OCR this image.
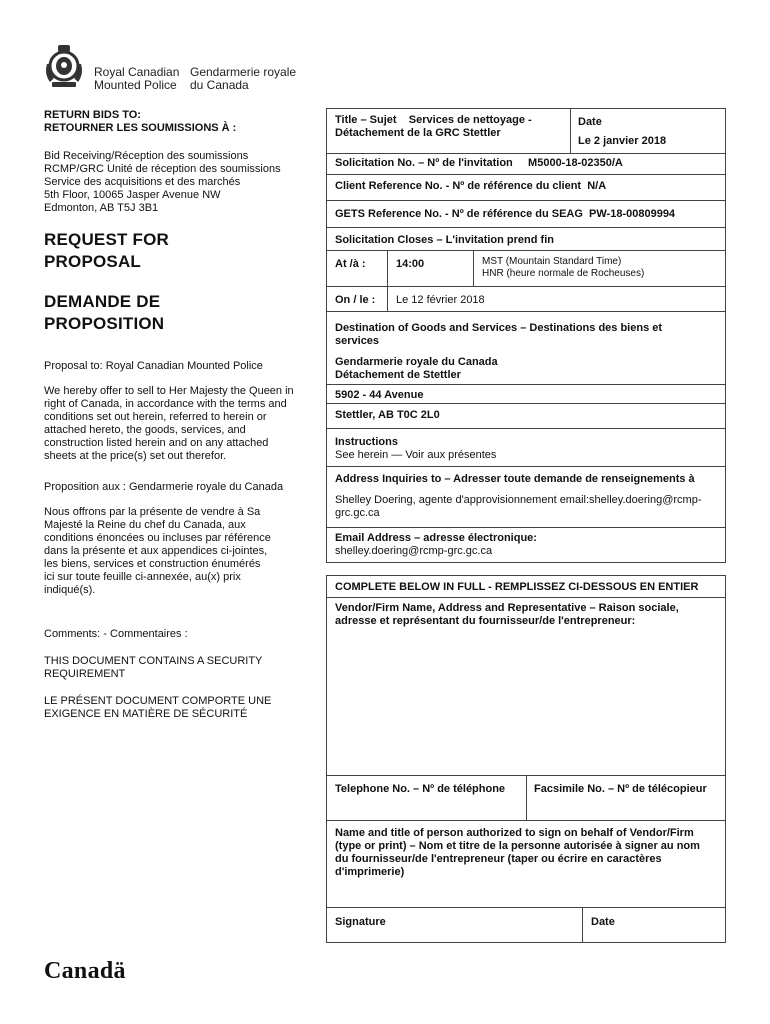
Royal Canadian Gendarmerie royale
Mounted Police	du Canada
RETURN BIDS TO:
RETOURNER LES SOUMISSIONS À :
Bid Receiving/Réception des soumissions
RCMP/GRC Unité de réception des soumissions
Service des acquisitions et des marchés
5th Floor, 10065 Jasper Avenue NW
Edmonton, AB T5J 3B1
REQUEST FOR
PROPOSAL
DEMANDE DE
PROPOSITION
Proposal to: Royal Canadian Mounted Police
We hereby offer to sell to Her Majesty the Queen in
right of Canada, in accordance with the terms and
conditions set out herein, referred to herein or
attached hereto, the goods, services, and
construction listed herein and on any attached
sheets at the price(s) set out therefor.
Proposition aux : Gendarmerie royale du Canada
Nous offrons par la présente de vendre à Sa
Majesté la Reine du chef du Canada, aux
conditions énoncées ou incluses par référence
dans la présente et aux appendices ci-jointes,
les biens, services et construction énumérés
ici sur toute feuille ci-annexée, au(x) prix
indiqué(s).
Comments: - Commentaires :
THIS DOCUMENT CONTAINS A SECURITY
REQUIREMENT
LE PRÉSENT DOCUMENT COMPORTE UNE
EXIGENCE EN MATIÈRE DE SÉCURITÉ
Title – Sujet Services de nettoyage -
Détachement de la GRC Stettler
Date
Le 2 janvier 2018
Solicitation No. – Nº de l'invitation M5000-18-02350/A
Client Reference No. - Nº de référence du client N/A
GETS Reference No. - Nº de référence du SEAG PW-18-00809994
Solicitation Closes – L'invitation prend fin
At /à :	14:00	MST (Mountain Standard Time)
HNR (heure normale de Rocheuses)
On / le : Le 12 février 2018
Destination of Goods and Services – Destinations des biens et
services
Gendarmerie royale du Canada
Détachement de Stettler
5902 - 44 Avenue
Stettler, AB T0C 2L0
Instructions
See herein — Voir aux présentes
Address Inquiries to – Adresser toute demande de renseignements à
Shelley Doering, agente d'approvisionnement email:shelley.doering@rcmp-
grc.gc.ca
Email Address – adresse électronique:
shelley.doering@rcmp-grc.gc.ca
COMPLETE BELOW IN FULL - REMPLISSEZ CI-DESSOUS EN ENTIER
Vendor/Firm Name, Address and Representative – Raison sociale,
adresse et représentant du fournisseur/de l'entrepreneur:
Telephone No. – Nº de téléphone	Facsimile No. – Nº de télécopieur
Name and title of person authorized to sign on behalf of Vendor/Firm
(type or print) – Nom et titre de la personne autorisée à signer au nom
du fournisseur/de l'entrepreneur (taper ou écrire en caractères
d'imprimerie)
Signature	Date
Canadä
